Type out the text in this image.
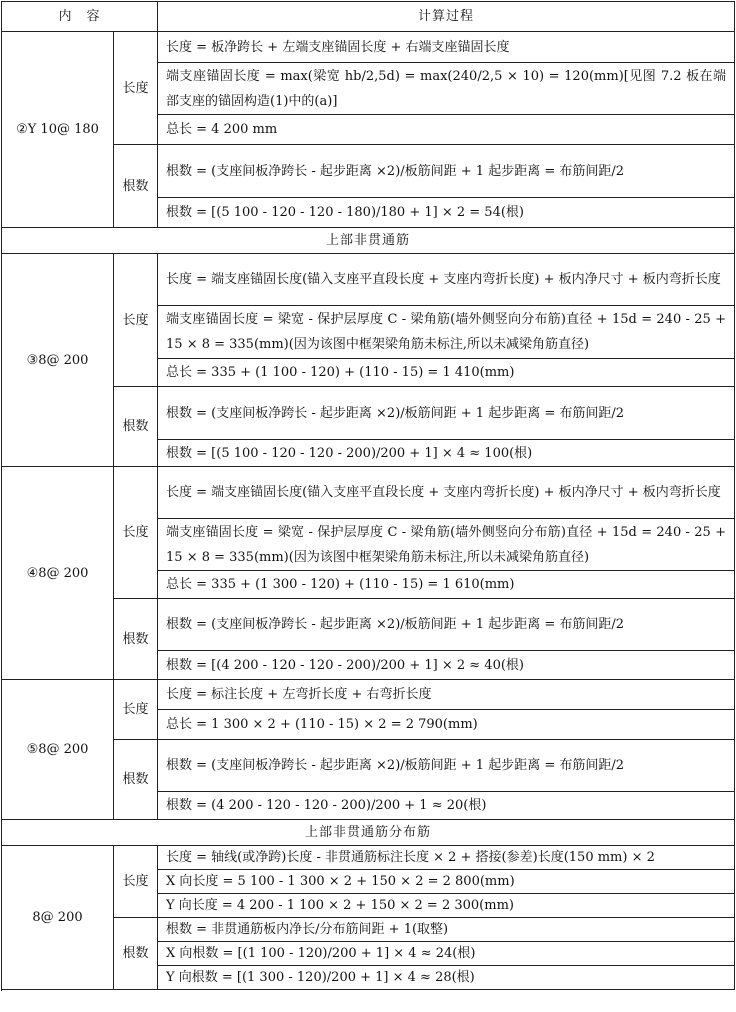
内　容		计算过程
②Y 10@ 180	长度	长度 = 板净跨长 + 左端支座锚固长度 + 右端支座锚固长度
		端支座锚固长度 = max(梁宽 hb/2,5d) = max(240/2,5 × 10) = 120(mm)[见图 7.2 板在端部支座的锚固构造(1)中的(a)]
		总长 = 4 200 mm
	根数	根数 = (支座间板净跨长 - 起步距离 ×2)/板筋间距 + 1 起步距离 = 布筋间距/2
		根数 = [(5 100 - 120 - 120 - 180)/180 + 1] × 2 = 54(根)

上部非贯通筋		
③8@ 200	长度	长度 = 端支座锚固长度(锚入支座平直段长度 + 支座内弯折长度) + 板内净尺寸 + 板内弯折长度
		端支座锚固长度 = 梁宽 - 保护层厚度 C - 梁角筋(墙外侧竖向分布筋)直径 + 15d = 240 - 25 + 15 × 8 = 335(mm)(因为该图中框架梁角筋未标注,所以未减梁角筋直径)
		总长 = 335 + (1 100 - 120) + (110 - 15) = 1 410(mm)
	根数	根数 = (支座间板净跨长 - 起步距离 ×2)/板筋间距 + 1 起步距离 = 布筋间距/2
		根数 = [(5 100 - 120 - 120 - 200)/200 + 1] × 4 ≈ 100(根)

④8@ 200	长度	长度 = 端支座锚固长度(锚入支座平直段长度 + 支座内弯折长度) + 板内净尺寸 + 板内弯折长度
		端支座锚固长度 = 梁宽 - 保护层厚度 C - 梁角筋(墙外侧竖向分布筋)直径 + 15d = 240 - 25 + 15 × 8 = 335(mm)(因为该图中框架梁角筋未标注,所以未减梁角筋直径)
		总长 = 335 + (1 300 - 120) + (110 - 15) = 1 610(mm)
	根数	根数 = (支座间板净跨长 - 起步距离 ×2)/板筋间距 + 1 起步距离 = 布筋间距/2
		根数 = [(4 200 - 120 - 120 - 200)/200 + 1] × 2 ≈ 40(根)

⑤8@ 200	长度	长度 = 标注长度 + 左弯折长度 + 右弯折长度
		总长 = 1 300 × 2 + (110 - 15) × 2 = 2 790(mm)
	根数	根数 = (支座间板净跨长 - 起步距离 ×2)/板筋间距 + 1 起步距离 = 布筋间距/2
		根数 = (4 200 - 120 - 120 - 200)/200 + 1 ≈ 20(根)

上部非贯通筋分布筋		
8@ 200	长度	长度 = 轴线(或净跨)长度 - 非贯通筋标注长度 × 2 + 搭接(参差)长度(150 mm) × 2
		X 向长度 = 5 100 - 1 300 × 2 + 150 × 2 = 2 800(mm)
		Y 向长度 = 4 200 - 1 100 × 2 + 150 × 2 = 2 300(mm)
	根数	根数 = 非贯通筋板内净长/分布筋间距 + 1(取整)
		X 向根数 = [(1 100 - 120)/200 + 1] × 4 ≈ 24(根)
		Y 向根数 = [(1 300 - 120)/200 + 1] × 4 ≈ 28(根)
